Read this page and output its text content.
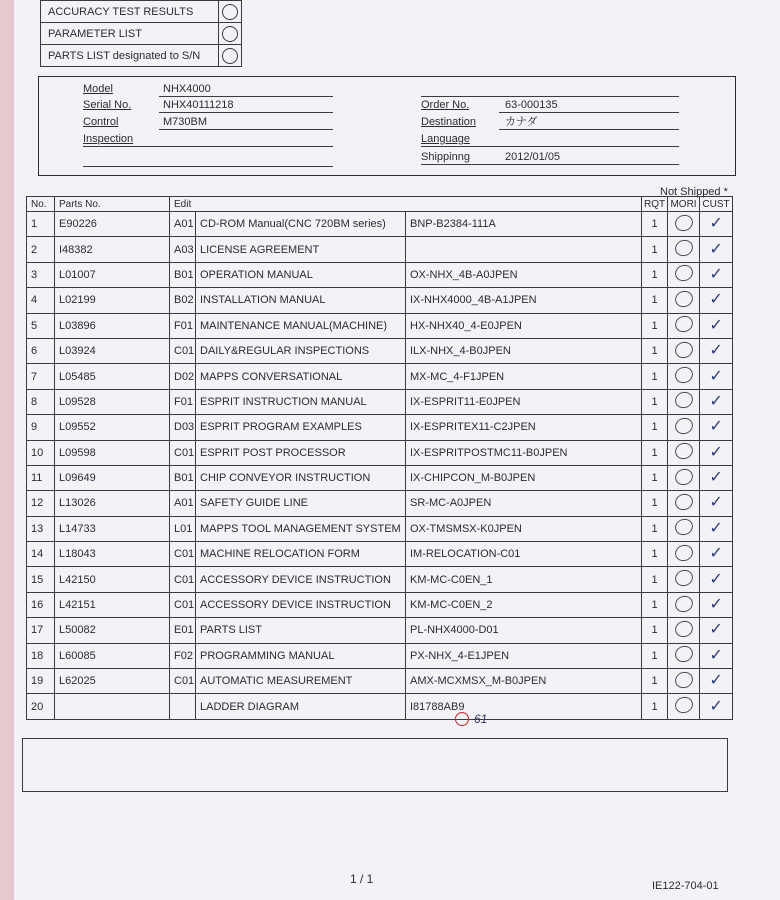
ACCURACY TEST RESULTS	
PARAMETER LIST	
PARTS LIST designated to S/N	
Model	NHX4000
Serial No.	NHX40111218
Control	M730BM
Inspection
Order No.	63-000135
Destination	カナダ
Language
Shippinng	2012/01/05
Not Shipped *
No.	Parts No.	Edit			RQT	MORI	CUST
1	E90226	A01	CD-ROM Manual(CNC 720BM series)	BNP-B2384-111A	1		✓
2	I48382	A03	LICENSE AGREEMENT		1		✓
3	L01007	B01	OPERATION MANUAL	OX-NHX_4B-A0JPEN	1		✓
4	L02199	B02	INSTALLATION MANUAL	IX-NHX4000_4B-A1JPEN	1		✓
5	L03896	F01	MAINTENANCE MANUAL(MACHINE)	HX-NHX40_4-E0JPEN	1		✓
6	L03924	C01	DAILY&REGULAR INSPECTIONS	ILX-NHX_4-B0JPEN	1		✓
7	L05485	D02	MAPPS CONVERSATIONAL	MX-MC_4-F1JPEN	1		✓
8	L09528	F01	ESPRIT INSTRUCTION MANUAL	IX-ESPRIT11-E0JPEN	1		✓
9	L09552	D03	ESPRIT PROGRAM EXAMPLES	IX-ESPRITEX11-C2JPEN	1		✓
10	L09598	C01	ESPRIT POST PROCESSOR	IX-ESPRITPOSTMC11-B0JPEN	1		✓
11	L09649	B01	CHIP CONVEYOR INSTRUCTION	IX-CHIPCON_M-B0JPEN	1		✓
12	L13026	A01	SAFETY GUIDE LINE	SR-MC-A0JPEN	1		✓
13	L14733	L01	MAPPS TOOL MANAGEMENT SYSTEM	OX-TMSMSX-K0JPEN	1		✓
14	L18043	C01	MACHINE RELOCATION FORM	IM-RELOCATION-C01	1		✓
15	L42150	C01	ACCESSORY DEVICE INSTRUCTION	KM-MC-C0EN_1	1		✓
16	L42151	C01	ACCESSORY DEVICE INSTRUCTION	KM-MC-C0EN_2	1		✓
17	L50082	E01	PARTS LIST	PL-NHX4000-D01	1		✓
18	L60085	F02	PROGRAMMING MANUAL	PX-NHX_4-E1JPEN	1		✓
19	L62025	C01	AUTOMATIC MEASUREMENT	AMX-MCXMSX_M-B0JPEN	1		✓
20			LADDER DIAGRAM	I81788AB9	1		✓
61
1 / 1	IE122-704-01
